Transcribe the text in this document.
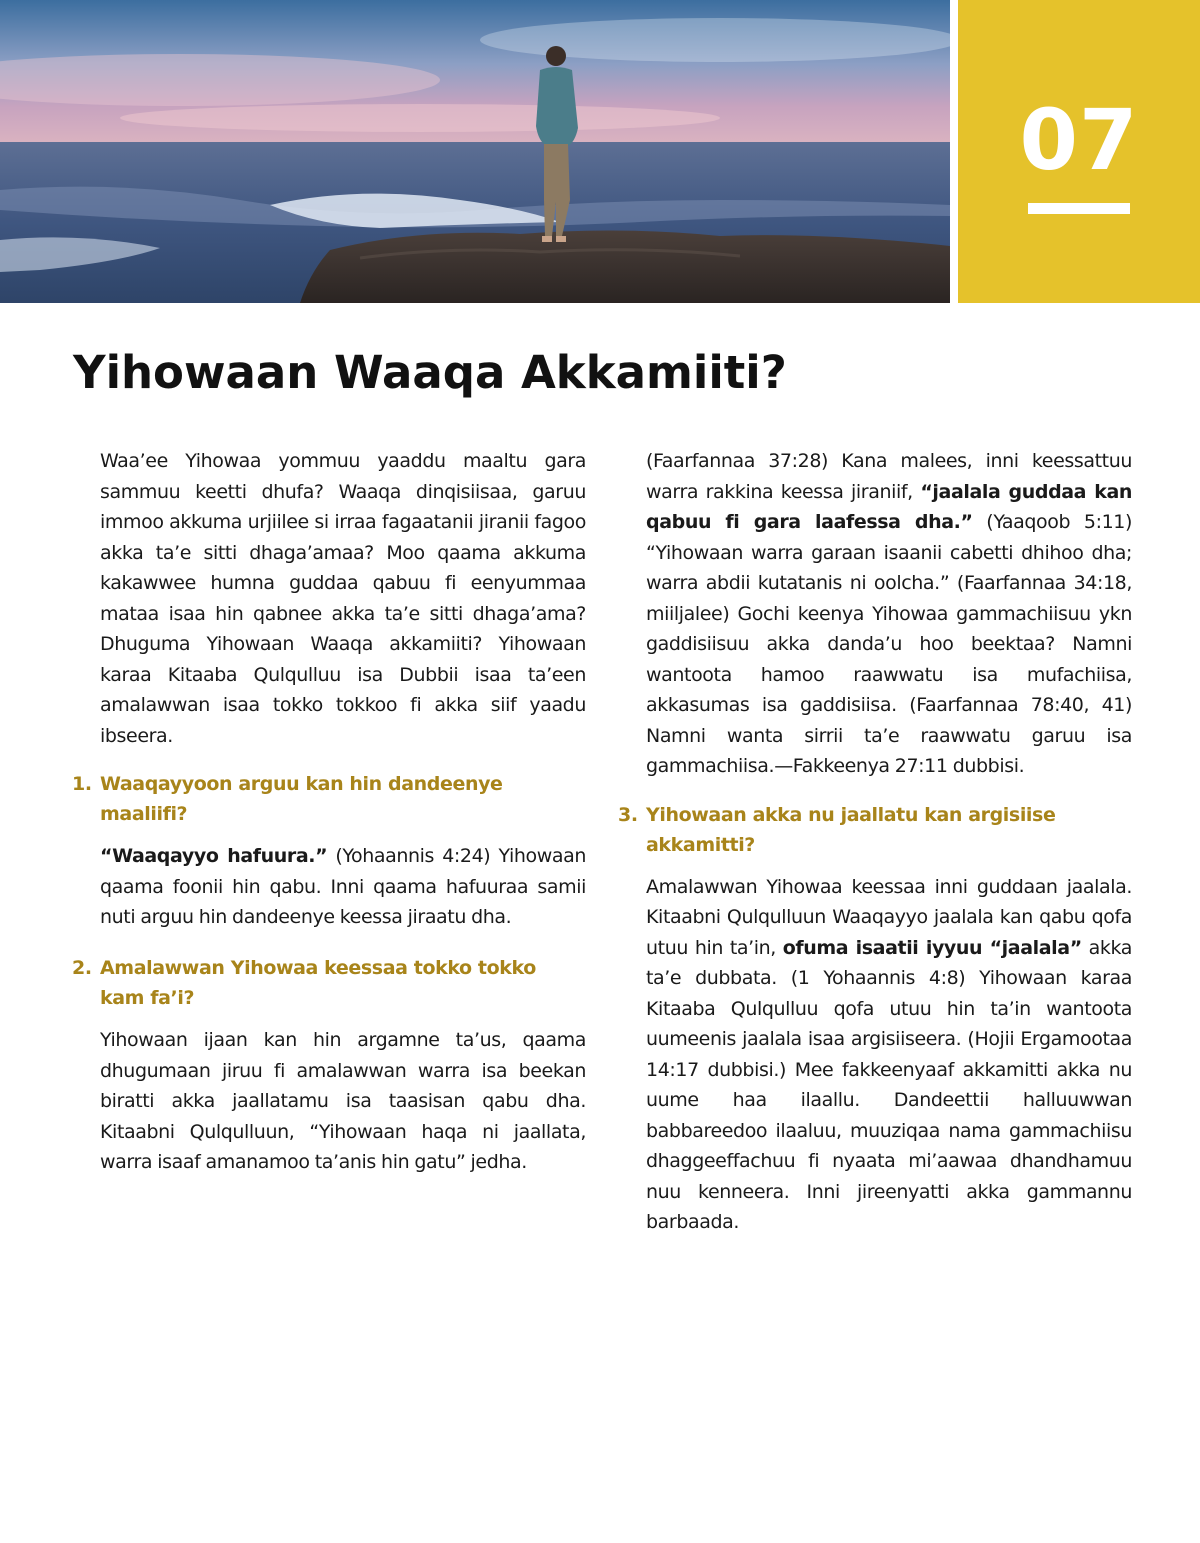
07
Yihowaan Waaqa Akkamiiti?

Waa’ee Yihowaa yommuu yaaddu maaltu gara sammuu keetti dhufa? Waaqa dinqisiisaa, garuu immoo akkuma urjiilee si irraa fagaatanii jiranii fagoo akka ta’e sitti dhaga’amaa? Moo qaama akkuma kakawwee humna guddaa qabuu fi eenyummaa mataa isaa hin qabnee akka ta’e sitti dhaga’ama? Dhuguma Yihowaan Waaqa akkamiiti? Yihowaan karaa Kitaaba Qulqulluu isa Dubbii isaa ta’een amalawwan isaa tokko tokkoo fi akka siif yaadu ibseera.

1. Waaqayyoon arguu kan hin dandeenye maaliifi?

“Waaqayyo hafuura.” (Yohaannis 4:24) Yihowaan qaama foonii hin qabu. Inni qaama hafuuraa samii nuti arguu hin dandeenye keessa jiraatu dha.

2. Amalawwan Yihowaa keessaa tokko tokko kam fa’i?

Yihowaan ijaan kan hin argamne ta’us, qaama dhugumaan jiruu fi amalawwan warra isa beekan biratti akka jaallatamu isa taasisan qabu dha. Kitaabni Qulqulluun, “Yihowaan haqa ni jaallata, warra isaaf amanamoo ta’anis hin gatu” jedha.

(Faarfannaa 37:28) Kana malees, inni keessattuu warra rakkina keessa jiraniif, “jaalala guddaa kan qabuu fi gara laafessa dha.” (Yaaqoob 5:11) “Yihowaan warra garaan isaanii cabetti dhihoo dha; warra abdii kutatanis ni oolcha.” (Faarfannaa 34:18, miiljalee) Gochi keenya Yihowaa gammachiisuu ykn gaddisiisuu akka danda’u hoo beektaa? Namni wantoota hamoo raawwatu isa mufachiisa, akkasumas isa gaddisiisa. (Faarfannaa 78:40, 41) Namni wanta sirrii ta’e raawwatu garuu isa gammachiisa.—Fakkeenya 27:11 dubbisi.

3. Yihowaan akka nu jaallatu kan argisiise akkamitti?

Amalawwan Yihowaa keessaa inni guddaan jaalala. Kitaabni Qulqulluun Waaqayyo jaalala kan qabu qofa utuu hin ta’in, ofuma isaatii iyyuu “jaalala” akka ta’e dubbata. (1 Yohaannis 4:8) Yihowaan karaa Kitaaba Qulqulluu qofa utuu hin ta’in wantoota uumeenis jaalala isaa argisiiseera. (Hojii Ergamootaa 14:17 dubbisi.) Mee fakkeenyaaf akkamitti akka nu uume haa ilaallu. Dandeettii halluuwwan babbareedoo ilaaluu, muuziqaa nama gammachiisu dhaggeeffachuu fi nyaata mi’aawaa dhandhamuu nuu kenneera. Inni jireenyatti akka gammannu barbaada.
